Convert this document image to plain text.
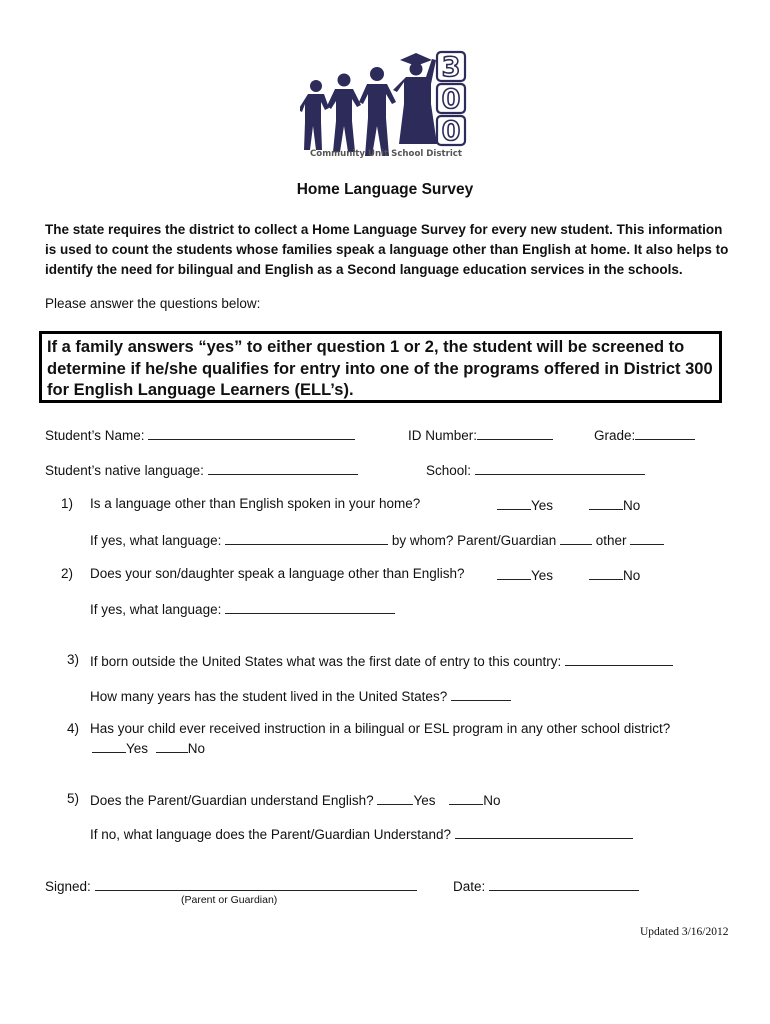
3
0
0
Community Unit School District
Home Language Survey
The state requires the district to collect a Home Language Survey for every new student. This information is used to count the students whose families speak a language other than English at home. It also helps to identify the need for bilingual and English as a Second language education services in the schools.
Please answer the questions below:
If a family answers “yes” to either question 1 or 2, the student will be screened to determine if he/she qualifies for entry into one of the programs offered in District 300 for English Language Learners (ELL’s).
Student’s Name:	ID Number:	Grade:
Student’s native language:	School:
1) Is a language other than English spoken in your home?	Yes	No
If yes, what language:	by whom? Parent/Guardian	other
2) Does your son/daughter speak a language other than English?	Yes	No
If yes, what language:
3) If born outside the United States what was the first date of entry to this country:
How many years has the student lived in the United States?
4) Has your child ever received instruction in a bilingual or ESL program in any other school district?
Yes	No
5) Does the Parent/Guardian understand English?	Yes	No
If no, what language does the Parent/Guardian Understand?
Signed:
(Parent or Guardian)
Date:
Updated 3/16/2012
